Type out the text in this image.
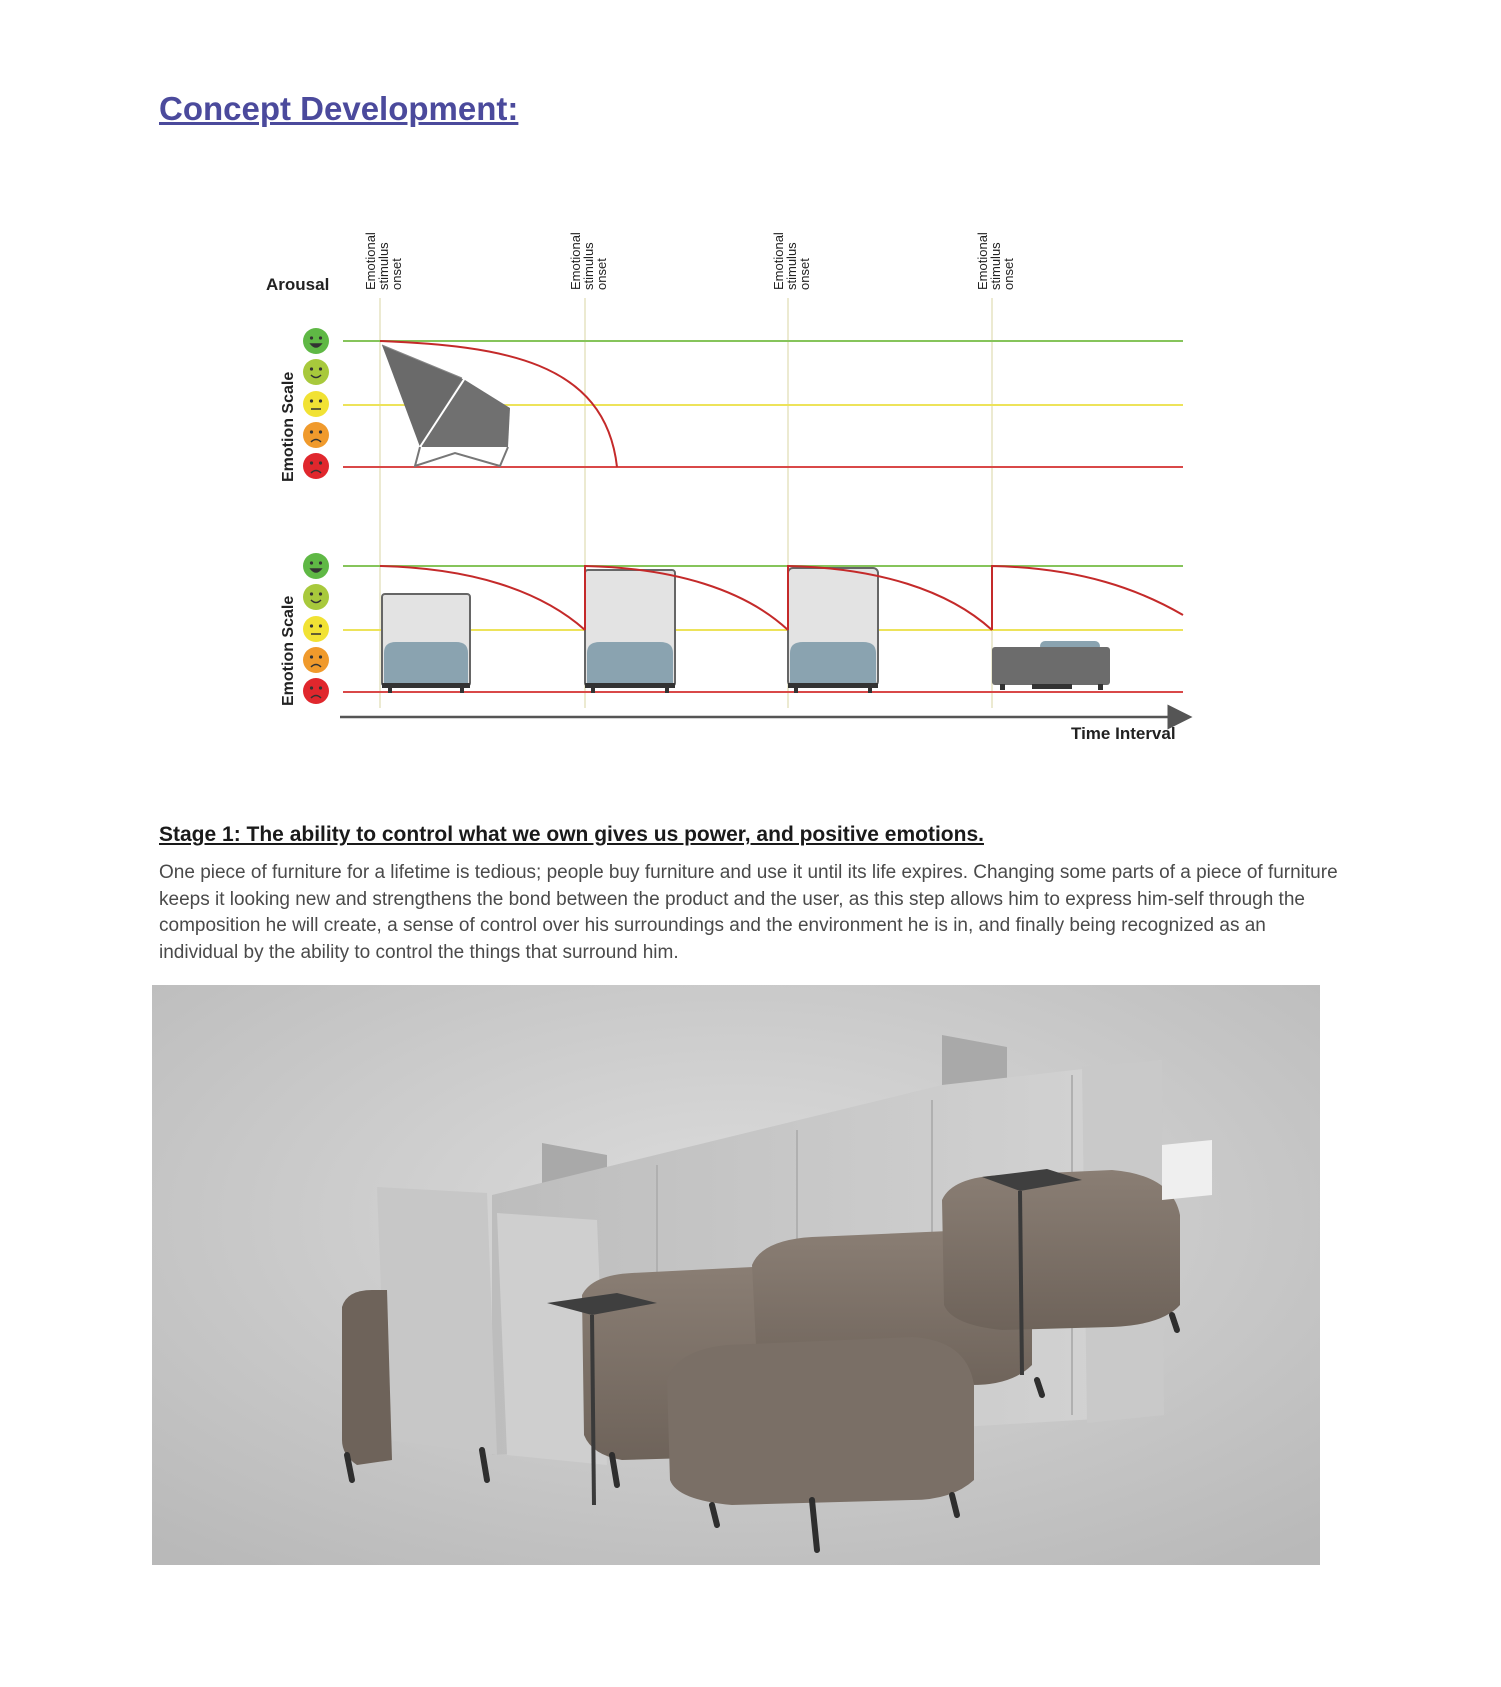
Concept Development:
Arousal
Emotion Scale
Emotion Scale
Time Interval
Emotionalstimulusonset	Emotionalstimulusonset	Emotionalstimulusonset	Emotionalstimulusonset
Stage 1: The ability to control what we own gives us power, and positive emotions.

One piece of furniture for a lifetime is tedious; people buy furniture and use it until its life expires. Changing some parts of a piece of furniture keeps it looking new and strengthens the bond between the product and the user, as this step allows him to express him-self through the composition he will create, a sense of control over his surroundings and the environment he is in, and finally being recognized as an individual by the ability to control the things that surround him.
